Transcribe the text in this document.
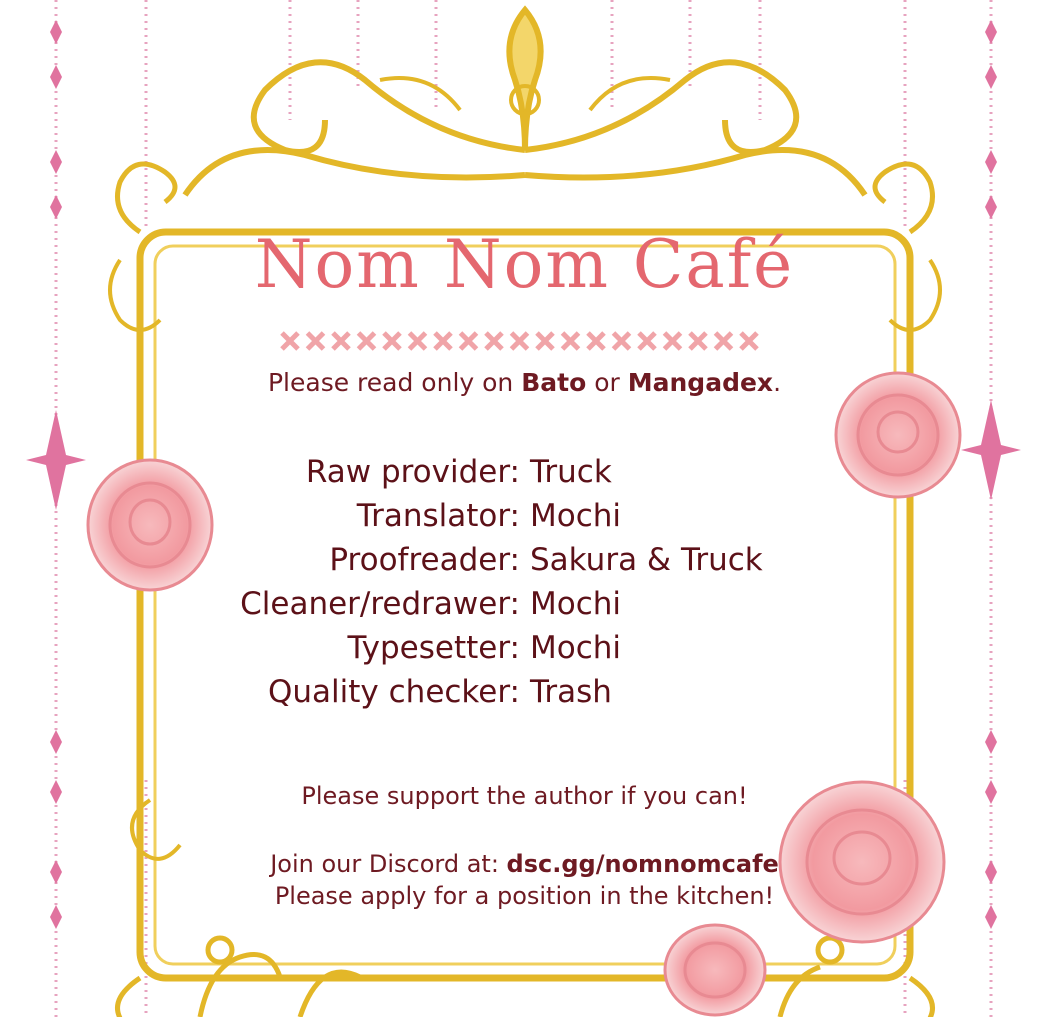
Nom Nom Café
Please read only on Bato or Mangadex.
Raw provider: Truck
Translator: Mochi
Proofreader: Sakura & Truck
Cleaner/redrawer: Mochi
Typesetter: Mochi
Quality checker: Trash
Please support the author if you can!
Join our Discord at: dsc.gg/nomnomcafe
Please apply for a position in the kitchen!
